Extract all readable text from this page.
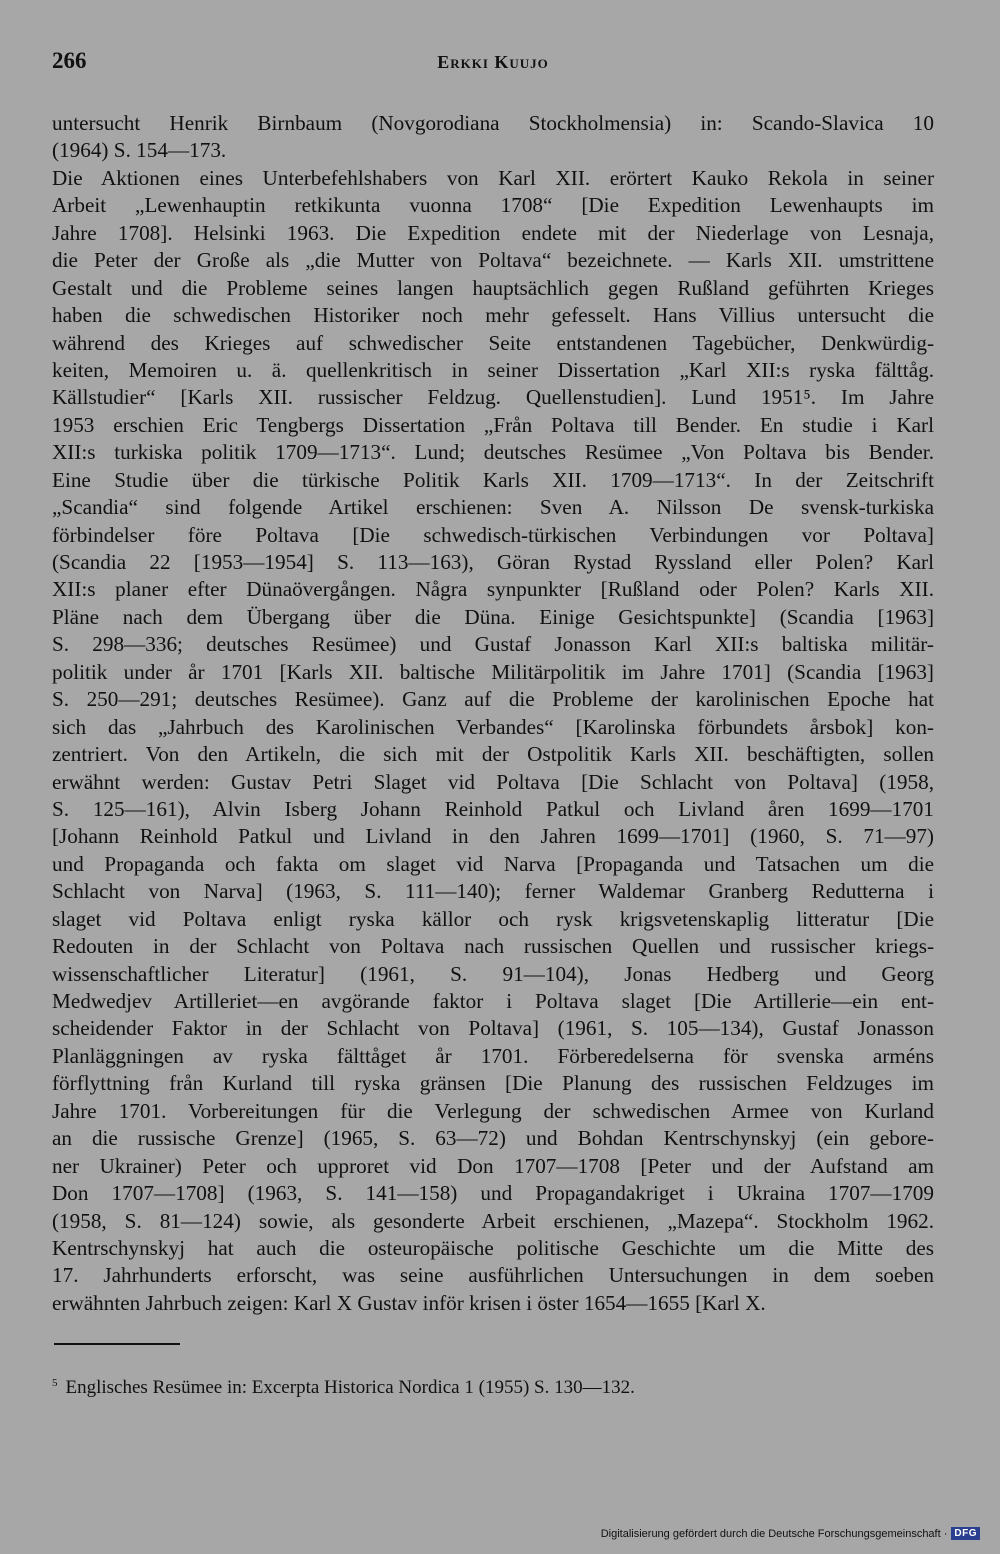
266	Erkki Kuujo
untersucht Henrik Birnbaum (Novgorodiana Stockholmensia) in: Scando-Slavica 10
(1964) S. 154—173.
Die Aktionen eines Unterbefehlshabers von Karl XII. erörtert Kauko Rekola in seiner
Arbeit „Lewenhauptin retkikunta vuonna 1708“ [Die Expedition Lewenhaupts im
Jahre 1708]. Helsinki 1963. Die Expedition endete mit der Niederlage von Lesnaja,
die Peter der Große als „die Mutter von Poltava“ bezeichnete. — Karls XII. umstrittene
Gestalt und die Probleme seines langen hauptsächlich gegen Rußland geführten Krieges
haben die schwedischen Historiker noch mehr gefesselt. Hans Villius untersucht die
während des Krieges auf schwedischer Seite entstandenen Tagebücher, Denkwürdig-
keiten, Memoiren u. ä. quellenkritisch in seiner Dissertation „Karl XII:s ryska fälttåg.
Källstudier“ [Karls XII. russischer Feldzug. Quellenstudien]. Lund 1951⁵. Im Jahre
1953 erschien Eric Tengbergs Dissertation „Från Poltava till Bender. En studie i Karl
XII:s turkiska politik 1709—1713“. Lund; deutsches Resümee „Von Poltava bis Bender.
Eine Studie über die türkische Politik Karls XII. 1709—1713“. In der Zeitschrift
„Scandia“ sind folgende Artikel erschienen: Sven A. Nilsson De svensk-turkiska
förbindelser före Poltava [Die schwedisch-türkischen Verbindungen vor Poltava]
(Scandia 22 [1953—1954] S. 113—163), Göran Rystad Ryssland eller Polen? Karl
XII:s planer efter Dünaövergången. Några synpunkter [Rußland oder Polen? Karls XII.
Pläne nach dem Übergang über die Düna. Einige Gesichtspunkte] (Scandia [1963]
S. 298—336; deutsches Resümee) und Gustaf Jonasson Karl XII:s baltiska militär-
politik under år 1701 [Karls XII. baltische Militärpolitik im Jahre 1701] (Scandia [1963]
S. 250—291; deutsches Resümee). Ganz auf die Probleme der karolinischen Epoche hat
sich das „Jahrbuch des Karolinischen Verbandes“ [Karolinska förbundets årsbok] kon-
zentriert. Von den Artikeln, die sich mit der Ostpolitik Karls XII. beschäftigten, sollen
erwähnt werden: Gustav Petri Slaget vid Poltava [Die Schlacht von Poltava] (1958,
S. 125—161), Alvin Isberg Johann Reinhold Patkul och Livland åren 1699—1701
[Johann Reinhold Patkul und Livland in den Jahren 1699—1701] (1960, S. 71—97)
und Propaganda och fakta om slaget vid Narva [Propaganda und Tatsachen um die
Schlacht von Narva] (1963, S. 111—140); ferner Waldemar Granberg Redutterna i
slaget vid Poltava enligt ryska källor och rysk krigsvetenskaplig litteratur [Die
Redouten in der Schlacht von Poltava nach russischen Quellen und russischer kriegs-
wissenschaftlicher Literatur] (1961, S. 91—104), Jonas Hedberg und Georg
Medwedjev Artilleriet—en avgörande faktor i Poltava slaget [Die Artillerie—ein ent-
scheidender Faktor in der Schlacht von Poltava] (1961, S. 105—134), Gustaf Jonasson
Planläggningen av ryska fälttåget år 1701. Förberedelserna för svenska arméns
förflyttning från Kurland till ryska gränsen [Die Planung des russischen Feldzuges im
Jahre 1701. Vorbereitungen für die Verlegung der schwedischen Armee von Kurland
an die russische Grenze] (1965, S. 63—72) und Bohdan Kentrschynskyj (ein gebore-
ner Ukrainer) Peter och upproret vid Don 1707—1708 [Peter und der Aufstand am
Don 1707—1708] (1963, S. 141—158) und Propagandakriget i Ukraina 1707—1709
(1958, S. 81—124) sowie, als gesonderte Arbeit erschienen, „Mazepa“. Stockholm 1962.
Kentrschynskyj hat auch die osteuropäische politische Geschichte um die Mitte des
17. Jahrhunderts erforscht, was seine ausführlichen Untersuchungen in dem soeben
erwähnten Jahrbuch zeigen: Karl X Gustav inför krisen i öster 1654—1655 [Karl X.
$^5$ Englisches Resümee in: Excerpta Historica Nordica 1 (1955) S. 130—132.
Digitalisierung gefördert durch die Deutsche Forschungsgemeinschaft · DFG
